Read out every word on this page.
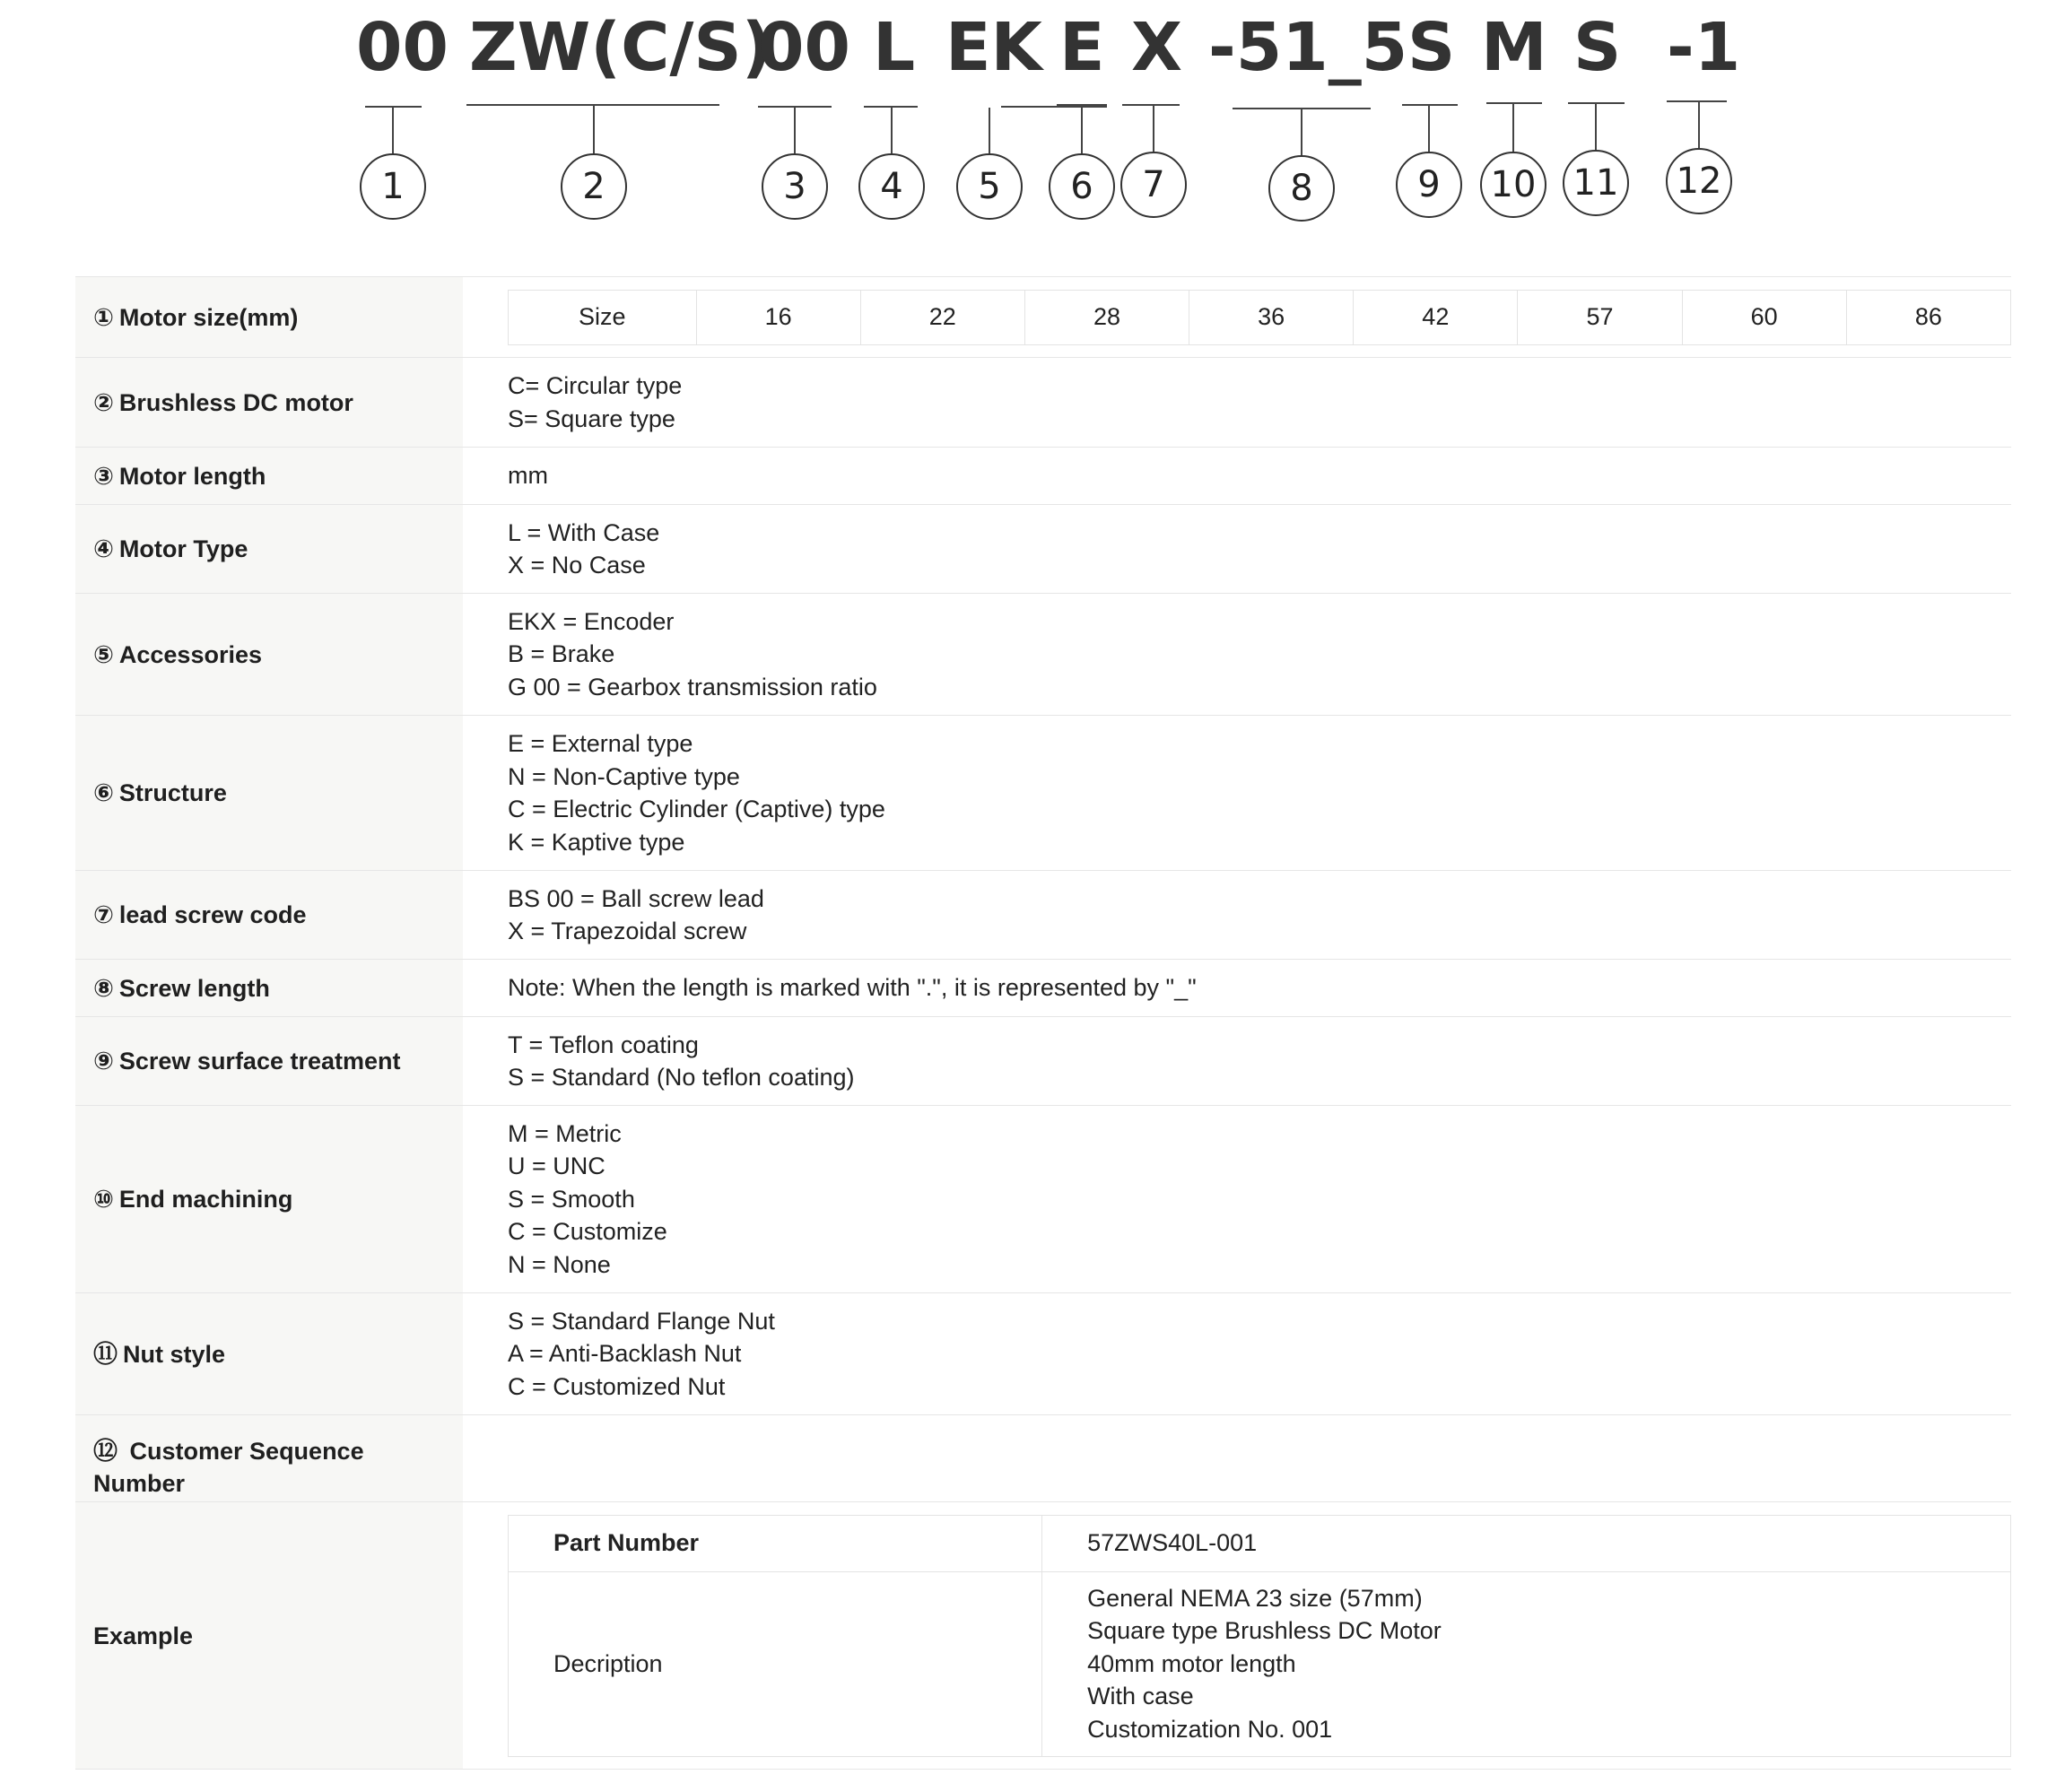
00 ZW(C/S)
00 L EK E X -51_5 S M S -1
1	2	3	4	5	6	7	8	9	10 11 12
① Motor size(mm)	Size	16	22	28	36	42	57	60	86
② Brushless DC motor
C= Circular type
S= Square type
③ Motor length	mm
④ Motor Type
L = With Case
X = No Case
⑤ Accessories
EKX = Encoder
B = Brake
G 00 = Gearbox transmission ratio
⑥ Structure
E = External type
N = Non-Captive type
C = Electric Cylinder (Captive) type
K = Kaptive type
⑦ lead screw code
BS 00 = Ball screw lead
X = Trapezoidal screw
⑧ Screw length	Note: When the length is marked with ".", it is represented by "_"
⑨ Screw surface treatment
T = Teflon coating
S = Standard (No teflon coating)
⑩ End machining
M = Metric
U = UNC
S = Smooth
C = Customize
N = None
⑪ Nut style
S = Standard Flange Nut
A = Anti-Backlash Nut
C = Customized Nut
⑫ Customer Sequence Number
Example
Part Number	57ZWS40L-001
Decription	General NEMA 23 size (57mm)
Square type Brushless DC Motor
40mm motor length
With case
Customization No. 001
